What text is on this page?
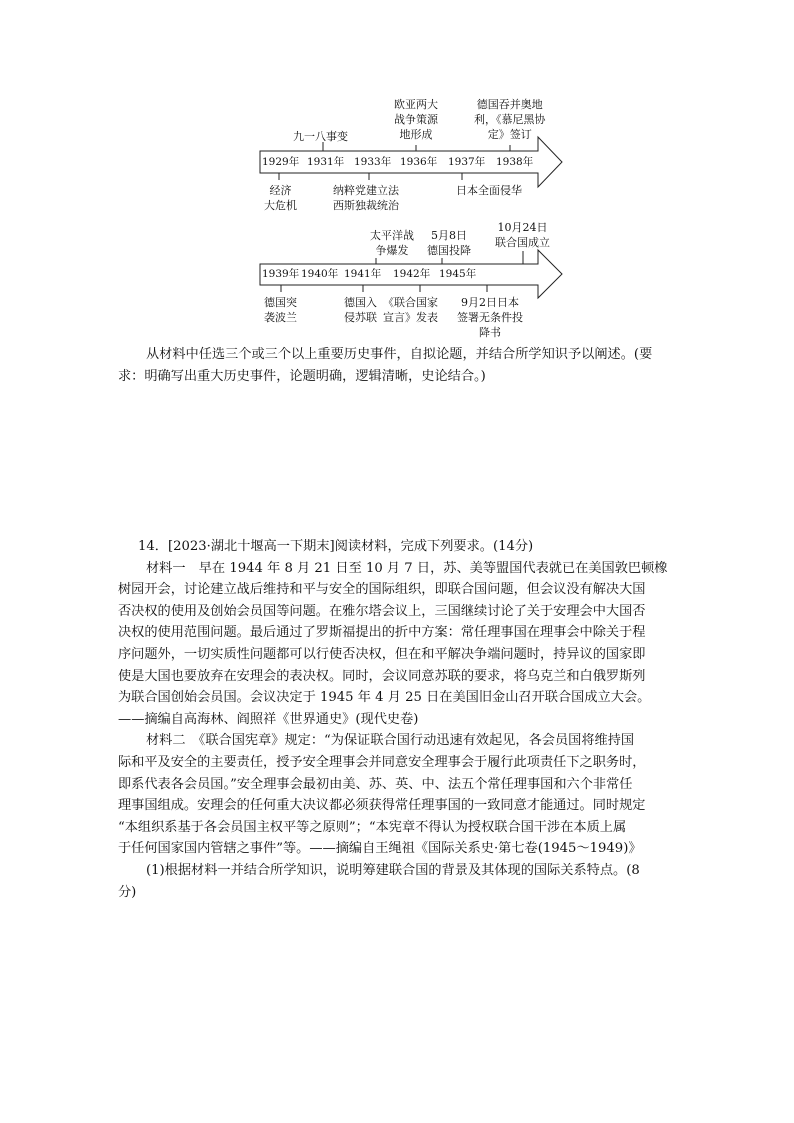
九一八事变
欧亚两大
战争策源
地形成
德国吞并奥地
利，《慕尼黑协
定》签订
1929年 1931年 1933年 1936年 1937年 1938年
经济
大危机
纳粹党建立法
西斯独裁统治
日本全面侵华
太平洋战
争爆发
5月8日
德国投降
10月24日
联合国成立
1939年 1940年 1941年 1942年 1945年
德国突
袭波兰
德国入
侵苏联
《联合国家
宣言》发表
9月2日日本
签署无条件投
降书
从材料中任选三个或三个以上重要历史事件，自拟论题，并结合所学知识予以阐述。(要
求：明确写出重大历史事件，论题明确，逻辑清晰，史论结合。)
14．[2023·湖北十堰高一下期末]阅读材料，完成下列要求。(14分)
材料一　早在 1944 年 8 月 21 日至 10 月 7 日，苏、美等盟国代表就已在美国敦巴顿橡
树园开会，讨论建立战后维持和平与安全的国际组织，即联合国问题，但会议没有解决大国
否决权的使用及创始会员国等问题。在雅尔塔会议上，三国继续讨论了关于安理会中大国否
决权的使用范围问题。最后通过了罗斯福提出的折中方案：常任理事国在理事会中除关于程
序问题外，一切实质性问题都可以行使否决权，但在和平解决争端问题时，持异议的国家即
使是大国也要放弃在安理会的表决权。同时，会议同意苏联的要求，将乌克兰和白俄罗斯列
为联合国创始会员国。会议决定于 1945 年 4 月 25 日在美国旧金山召开联合国成立大会。
——摘编自高海林、阎照祥《世界通史》(现代史卷)
材料二　《联合国宪章》规定：“为保证联合国行动迅速有效起见，各会员国将维持国
际和平及安全的主要责任，授予安全理事会并同意安全理事会于履行此项责任下之职务时，
即系代表各会员国。”安全理事会最初由美、苏、英、中、法五个常任理事国和六个非常任
理事国组成。安理会的任何重大决议都必须获得常任理事国的一致同意才能通过。同时规定
“本组织系基于各会员国主权平等之原则”；“本宪章不得认为授权联合国干涉在本质上属
于任何国家国内管辖之事件”等。——摘编自王绳祖《国际关系史·第七卷(1945～1949)》
(1)根据材料一并结合所学知识，说明筹建联合国的背景及其体现的国际关系特点。(8
分)
